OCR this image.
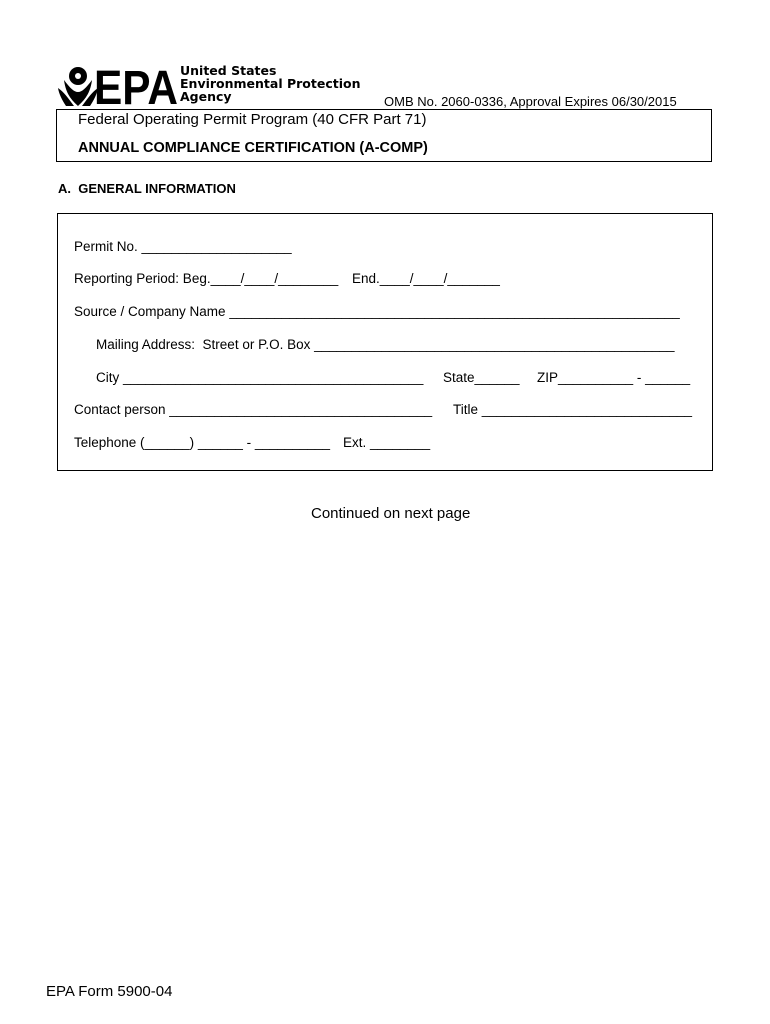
EPA United States
Environmental Protection
Agency	OMB No. 2060-0336, Approval Expires 06/30/2015
Federal Operating Permit Program (40 CFR Part 71)
ANNUAL COMPLIANCE CERTIFICATION (A-COMP)
A.  GENERAL INFORMATION
Permit No. ____________________
Reporting Period: Beg.____/____/________ End.____/____/_______
Source / Company Name ____________________________________________________________
Mailing Address:  Street or P.O. Box ________________________________________________
City ________________________________________ State______ ZIP__________ - ______
Contact person ___________________________________ Title ____________________________
Telephone (______) ______ - __________ Ext. ________
Continued on next page
EPA Form 5900-04
